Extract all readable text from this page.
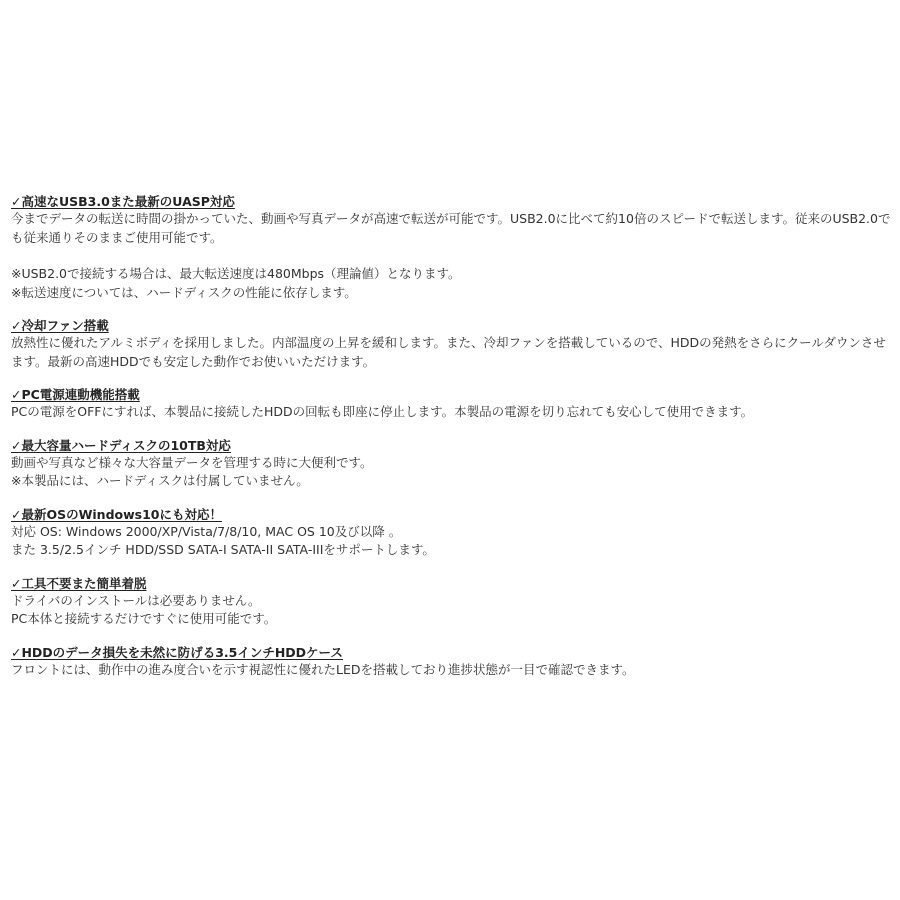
✓高速なUSB3.0また最新のUASP対応

今までデータの転送に時間の掛かっていた、動画や写真データが高速で転送が可能です。USB2.0に比べて約10倍のスピードで転送します。従来のUSB2.0でも従来通りそのままご使用可能です。

※USB2.0で接続する場合は、最大転送速度は480Mbps（理論値）となります。

※転送速度については、ハードディスクの性能に依存します。

✓冷却ファン搭載

放熱性に優れたアルミボディを採用しました。内部温度の上昇を緩和します。また、冷却ファンを搭載しているので、HDDの発熱をさらにクールダウンさせます。最新の高速HDDでも安定した動作でお使いいただけます。

✓PC電源連動機能搭載

PCの電源をOFFにすれば、本製品に接続したHDDの回転も即座に停止します。本製品の電源を切り忘れても安心して使用できます。

✓最大容量ハードディスクの10TB対応

動画や写真など様々な大容量データを管理する時に大便利です。

※本製品には、ハードディスクは付属していません。

✓最新OSのWindows10にも対応！

対応 OS: Windows 2000/XP/Vista/7/8/10, MAC OS 10及び以降 。

また 3.5/2.5インチ HDD/SSD SATA-I SATA-II SATA-IIIをサポートします。

✓工具不要また簡単着脱

ドライバのインストールは必要ありません。

PC本体と接続するだけですぐに使用可能です。

✓HDDのデータ損失を未然に防げる3.5インチHDDケース

フロントには、動作中の進み度合いを示す視認性に優れたLEDを搭載しており進捗状態が一目で確認できます。
